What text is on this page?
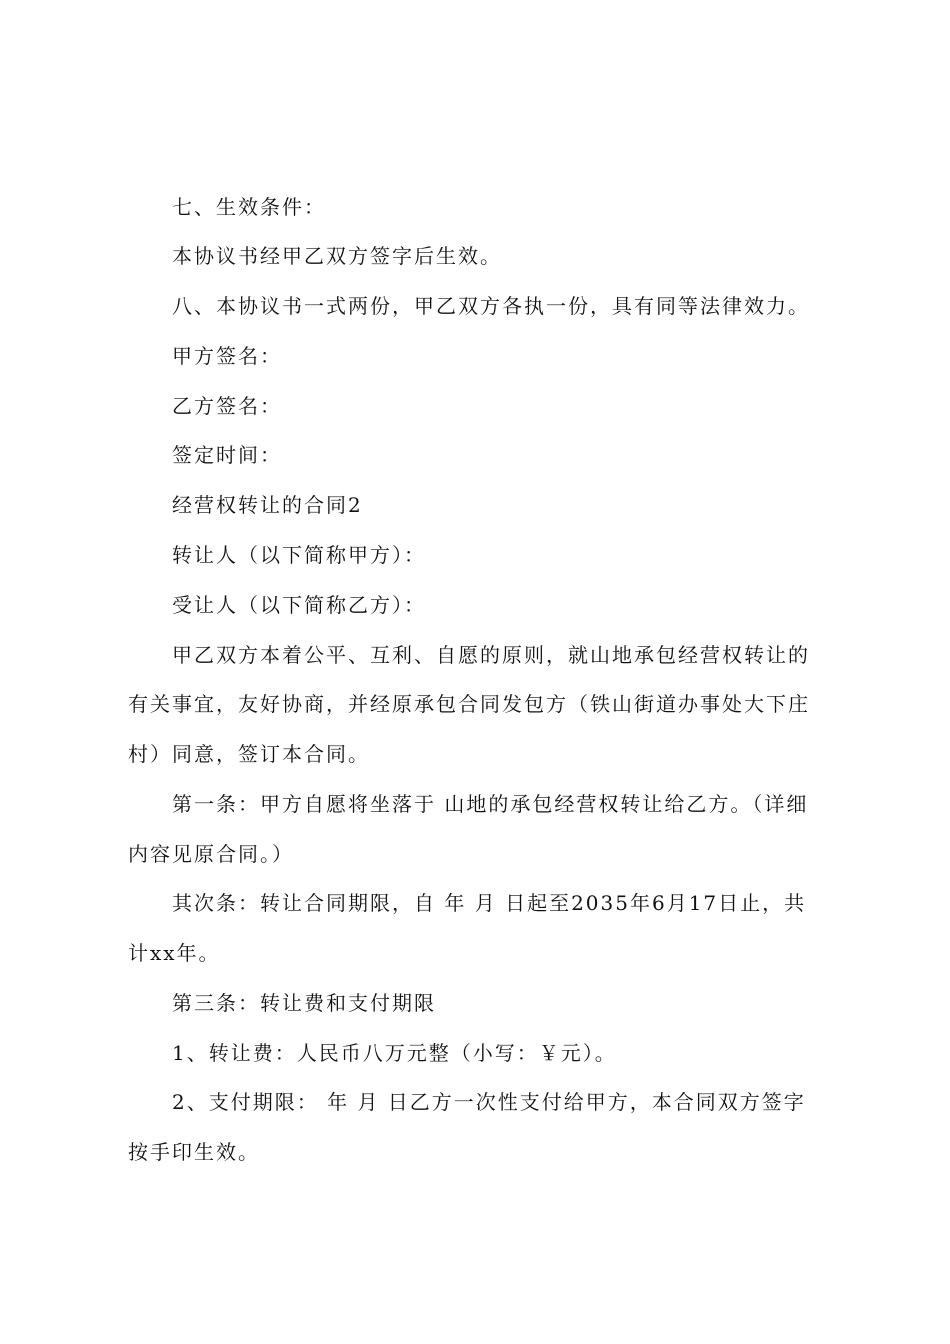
七、生效条件：
本协议书经甲乙双方签字后生效。
八、本协议书一式两份，甲乙双方各执一份，具有同等法律效力。
甲方签名：
乙方签名：
签定时间：
经营权转让的合同2
转让人（以下简称甲方）：
受让人（以下简称乙方）：
甲乙双方本着公平、互利、自愿的原则，就山地承包经营权转让的
有关事宜，友好协商，并经原承包合同发包方（铁山街道办事处大下庄
村）同意，签订本合同。
第一条：甲方自愿将坐落于 山地的承包经营权转让给乙方。（详细
内容见原合同。）
其次条：转让合同期限，自 年 月 日起至2035年6月17日止，共
计xx年。
第三条：转让费和支付期限
1、转让费：人民币八万元整（小写：￥元）。
2、支付期限： 年 月 日乙方一次性支付给甲方，本合同双方签字
按手印生效。
